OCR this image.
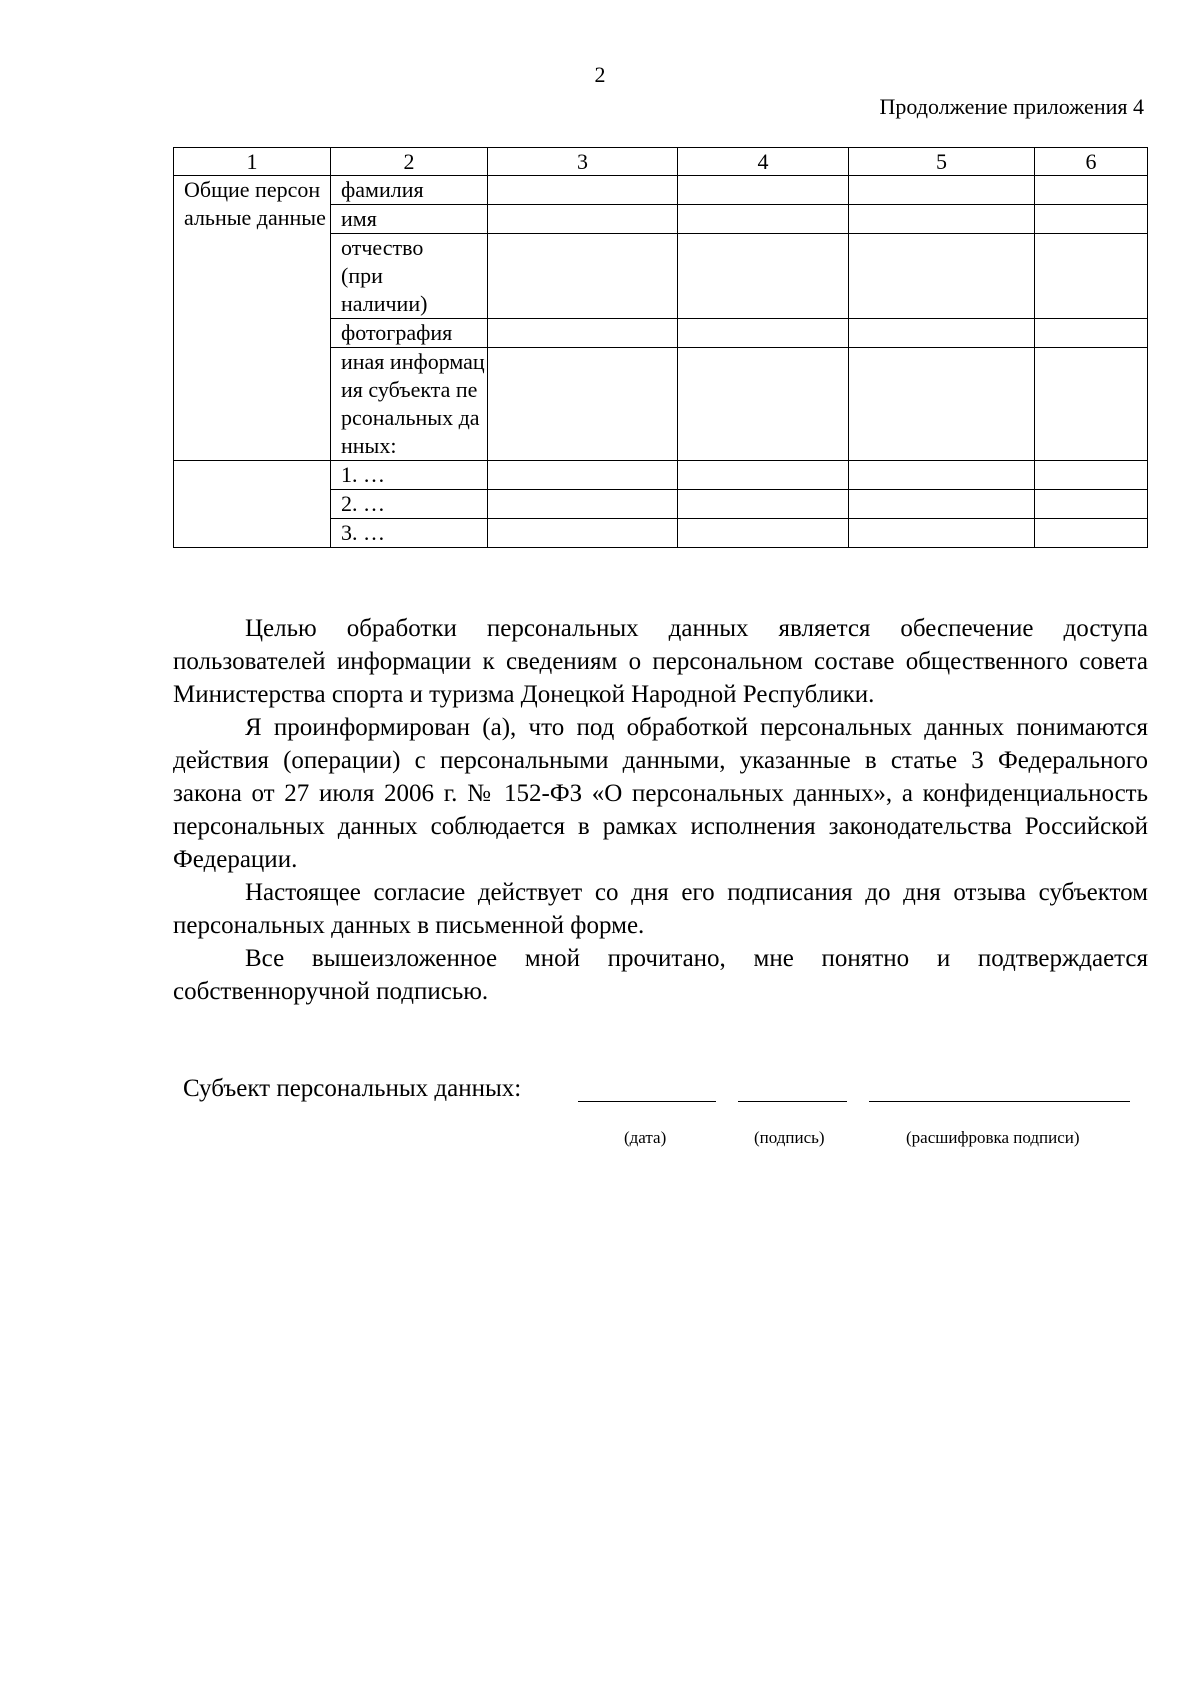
2
Продолжение приложения 4
1	2	3	4	5	6
Общие персональные данные	фамилия				
	имя				
	отчество (при наличии)				
	фотография				
	иная информация субъекта персональных данных:				
	1. …				
	2. …				
	3. …				

Целью обработки персональных данных является обеспечение доступа пользователей информации к сведениям о персональном составе общественного совета Министерства спорта и туризма Донецкой Народной Республики.

Я проинформирован (а), что под обработкой персональных данных понимаются действия (операции) с персональными данными, указанные в статье 3 Федерального закона от 27 июля 2006 г. № 152-ФЗ «О персональных данных», а конфиденциальность персональных данных соблюдается в рамках исполнения законодательства Российской Федерации.

Настоящее согласие действует со дня его подписания до дня отзыва субъектом персональных данных в письменной форме.

Все вышеизложенное мной прочитано, мне понятно и подтверждается собственноручной подписью.

Субъект персональных данных:
(дата)	(подпись)	(расшифровка подписи)
